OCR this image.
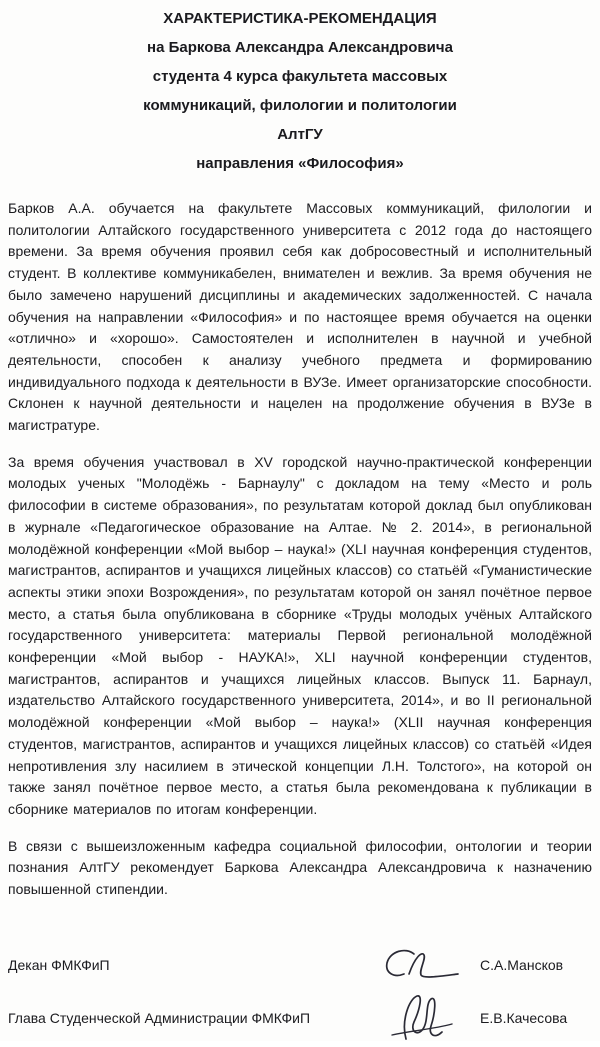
ХАРАКТЕРИСТИКА-РЕКОМЕНДАЦИЯ
на Баркова Александра Александровича
студента 4 курса факультета массовых
коммуникаций, филологии и политологии
АлтГУ
направления «Философия»

Барков А.А. обучается на факультете Массовых коммуникаций, филологии и политологии Алтайского государственного университета с 2012 года до настоящего времени. За время обучения проявил себя как добросовестный и исполнительный студент. В коллективе коммуникабелен, внимателен и вежлив. За время обучения не было замечено нарушений дисциплины и академических задолженностей. С начала обучения на направлении «Философия» и по настоящее время обучается на оценки «отлично» и «хорошо». Самостоятелен и исполнителен в научной и учебной деятельности, способен к анализу учебного предмета и формированию индивидуального подхода к деятельности в ВУЗе. Имеет организаторские способности. Склонен к научной деятельности и нацелен на продолжение обучения в ВУЗе в магистратуре.

За время обучения участвовал в XV городской научно-практической конференции молодых ученых "Молодёжь - Барнаулу" с докладом на тему «Место и роль философии в системе образования», по результатам которой доклад был опубликован в журнале «Педагогическое образование на Алтае. № 2. 2014», в региональной молодёжной конференции «Мой выбор – наука!» (XLI научная конференция студентов, магистрантов, аспирантов и учащихся лицейных классов) со статьёй «Гуманистические аспекты этики эпохи Возрождения», по результатам которой он занял почётное первое место, а статья была опубликована в сборнике «Труды молодых учёных Алтайского государственного университета: материалы Первой региональной молодёжной конференции «Мой выбор - НАУКА!», XLI научной конференции студентов, магистрантов, аспирантов и учащихся лицейных классов. Выпуск 11. Барнаул, издательство Алтайского государственного университета, 2014», и во II региональной молодёжной конференции «Мой выбор – наука!» (XLII научная конференция студентов, магистрантов, аспирантов и учащихся лицейных классов) со статьёй «Идея непротивления злу насилием в этической концепции Л.Н. Толстого», на которой он также занял почётное первое место, а статья была рекомендована к публикации в сборнике материалов по итогам конференции.

В связи с вышеизложенным кафедра социальной философии, онтологии и теории познания АлтГУ рекомендует Баркова Александра Александровича к назначению повышенной стипендии.

Декан ФМКФиП	С.А.Мансков
Глава Студенческой Администрации ФМКФиП	Е.В.Качесова
